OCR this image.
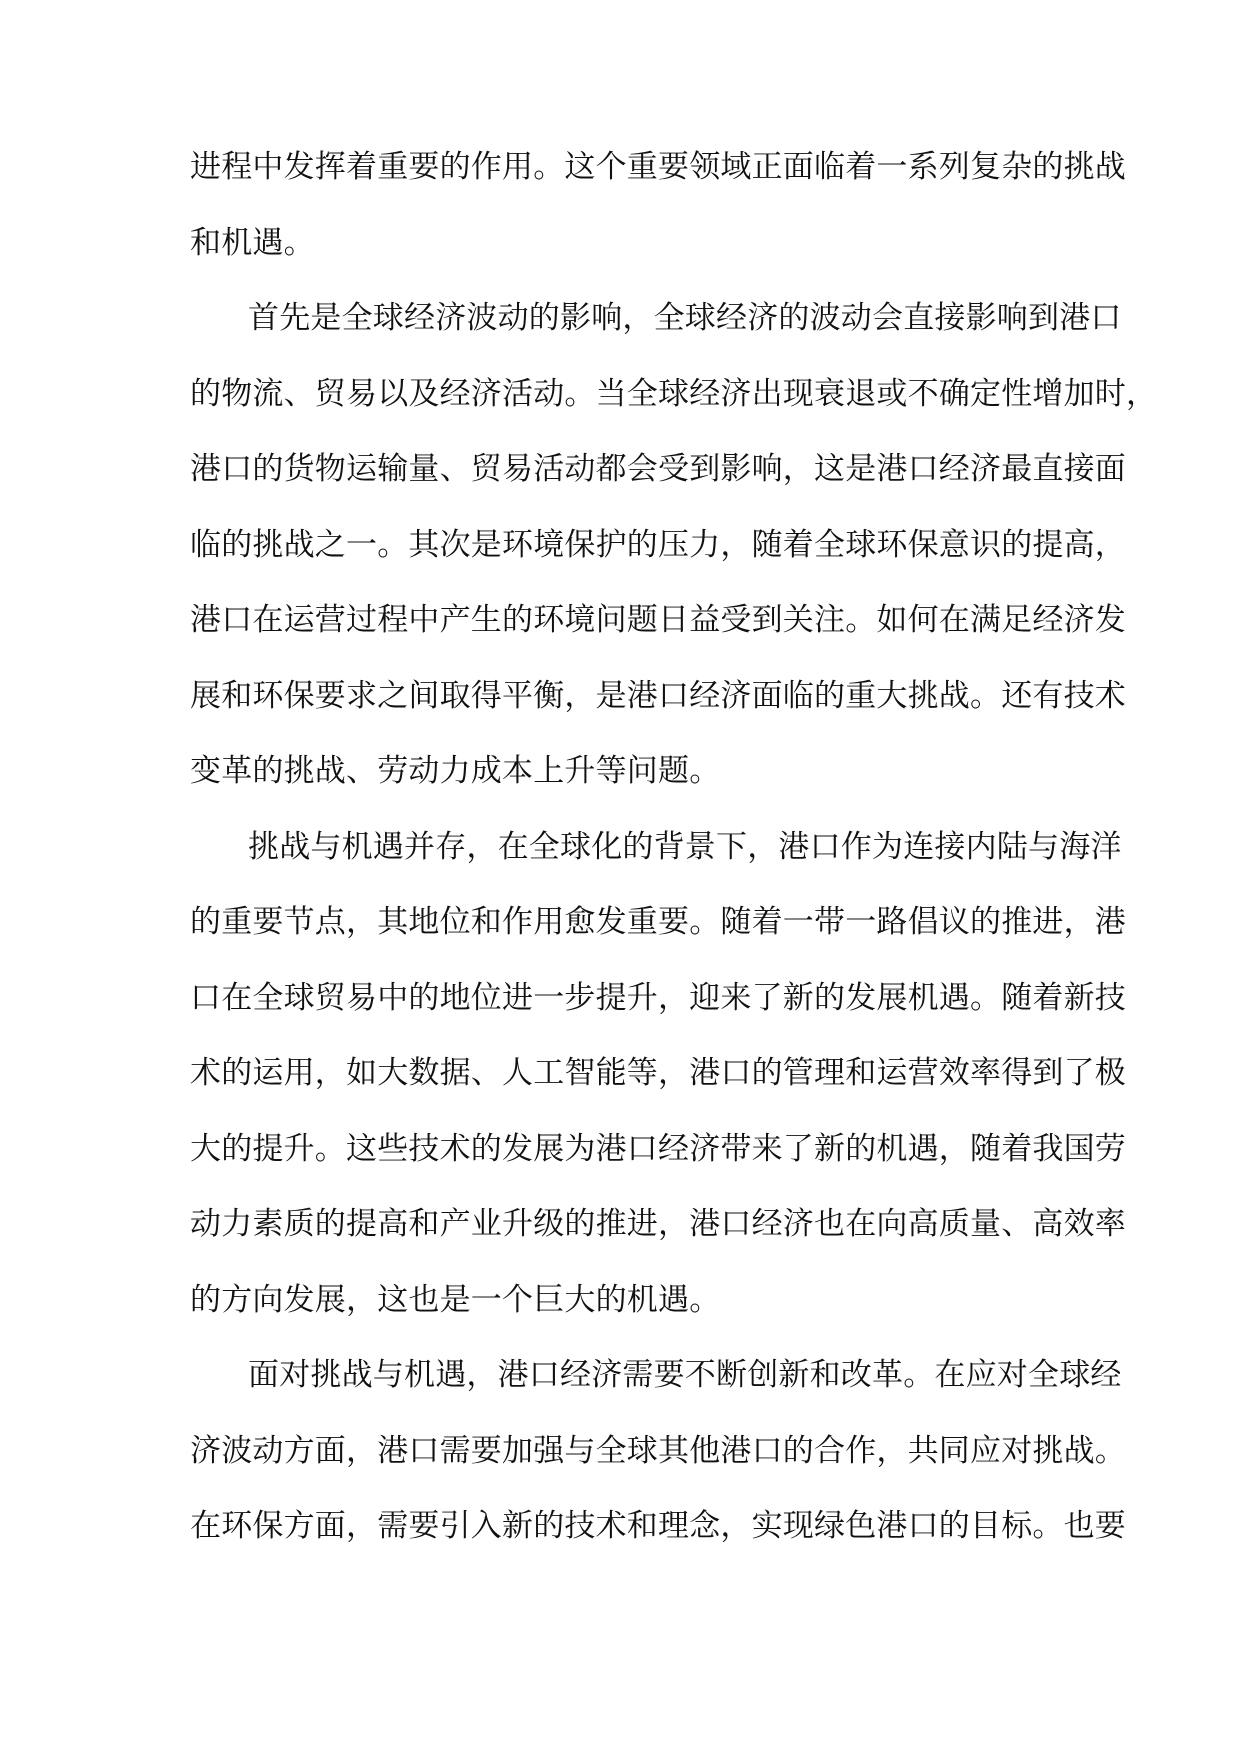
进程中发挥着重要的作用。这个重要领域正面临着一系列复杂的挑战
和机遇。
首先是全球经济波动的影响，全球经济的波动会直接影响到港口
的物流、贸易以及经济活动。当全球经济出现衰退或不确定性增加时，
港口的货物运输量、贸易活动都会受到影响，这是港口经济最直接面
临的挑战之一。其次是环境保护的压力，随着全球环保意识的提高，
港口在运营过程中产生的环境问题日益受到关注。如何在满足经济发
展和环保要求之间取得平衡，是港口经济面临的重大挑战。还有技术
变革的挑战、劳动力成本上升等问题。
挑战与机遇并存，在全球化的背景下，港口作为连接内陆与海洋
的重要节点，其地位和作用愈发重要。随着一带一路倡议的推进，港
口在全球贸易中的地位进一步提升，迎来了新的发展机遇。随着新技
术的运用，如大数据、人工智能等，港口的管理和运营效率得到了极
大的提升。这些技术的发展为港口经济带来了新的机遇，随着我国劳
动力素质的提高和产业升级的推进，港口经济也在向高质量、高效率
的方向发展，这也是一个巨大的机遇。
面对挑战与机遇，港口经济需要不断创新和改革。在应对全球经
济波动方面，港口需要加强与全球其他港口的合作，共同应对挑战。
在环保方面，需要引入新的技术和理念，实现绿色港口的目标。也要
